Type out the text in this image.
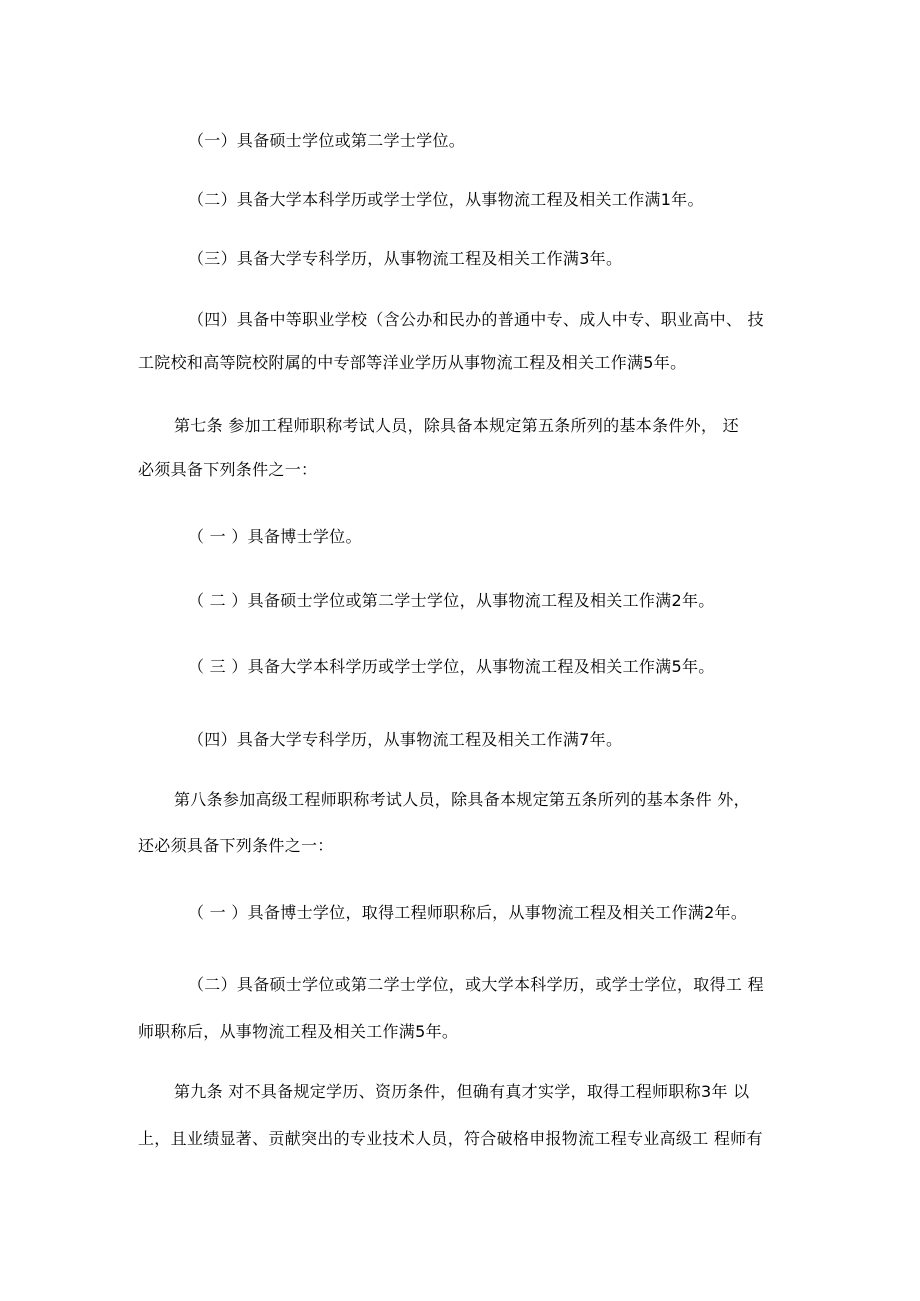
（一）具备硕士学位或第二学士学位。
（二）具备大学本科学历或学士学位，从事物流工程及相关工作满1年。
（三）具备大学专科学历，从事物流工程及相关工作满3年。
（四）具备中等职业学校（含公办和民办的普通中专、成人中专、职业高中、 技
工院校和高等院校附属的中专部等洋业学历从事物流工程及相关工作满5年。
第七条 参加工程师职称考试人员，除具备本规定第五条所列的基本条件外， 还
必须具备下列条件之一：
（ 一 ）具备博士学位。
（ 二 ）具备硕士学位或第二学士学位，从事物流工程及相关工作满2年。
（ 三 ）具备大学本科学历或学士学位，从事物流工程及相关工作满5年。
（四）具备大学专科学历，从事物流工程及相关工作满7年。
第八条参加高级工程师职称考试人员，除具备本规定第五条所列的基本条件 外，
还必须具备下列条件之一：
（ 一 ）具备博士学位，取得工程师职称后，从事物流工程及相关工作满2年。
（二）具备硕士学位或第二学士学位，或大学本科学历，或学士学位，取得工 程
师职称后，从事物流工程及相关工作满5年。
第九条 对不具备规定学历、资历条件，但确有真才实学，取得工程师职称3年 以
上，且业绩显著、贡献突出的专业技术人员，符合破格申报物流工程专业高级工 程师有
